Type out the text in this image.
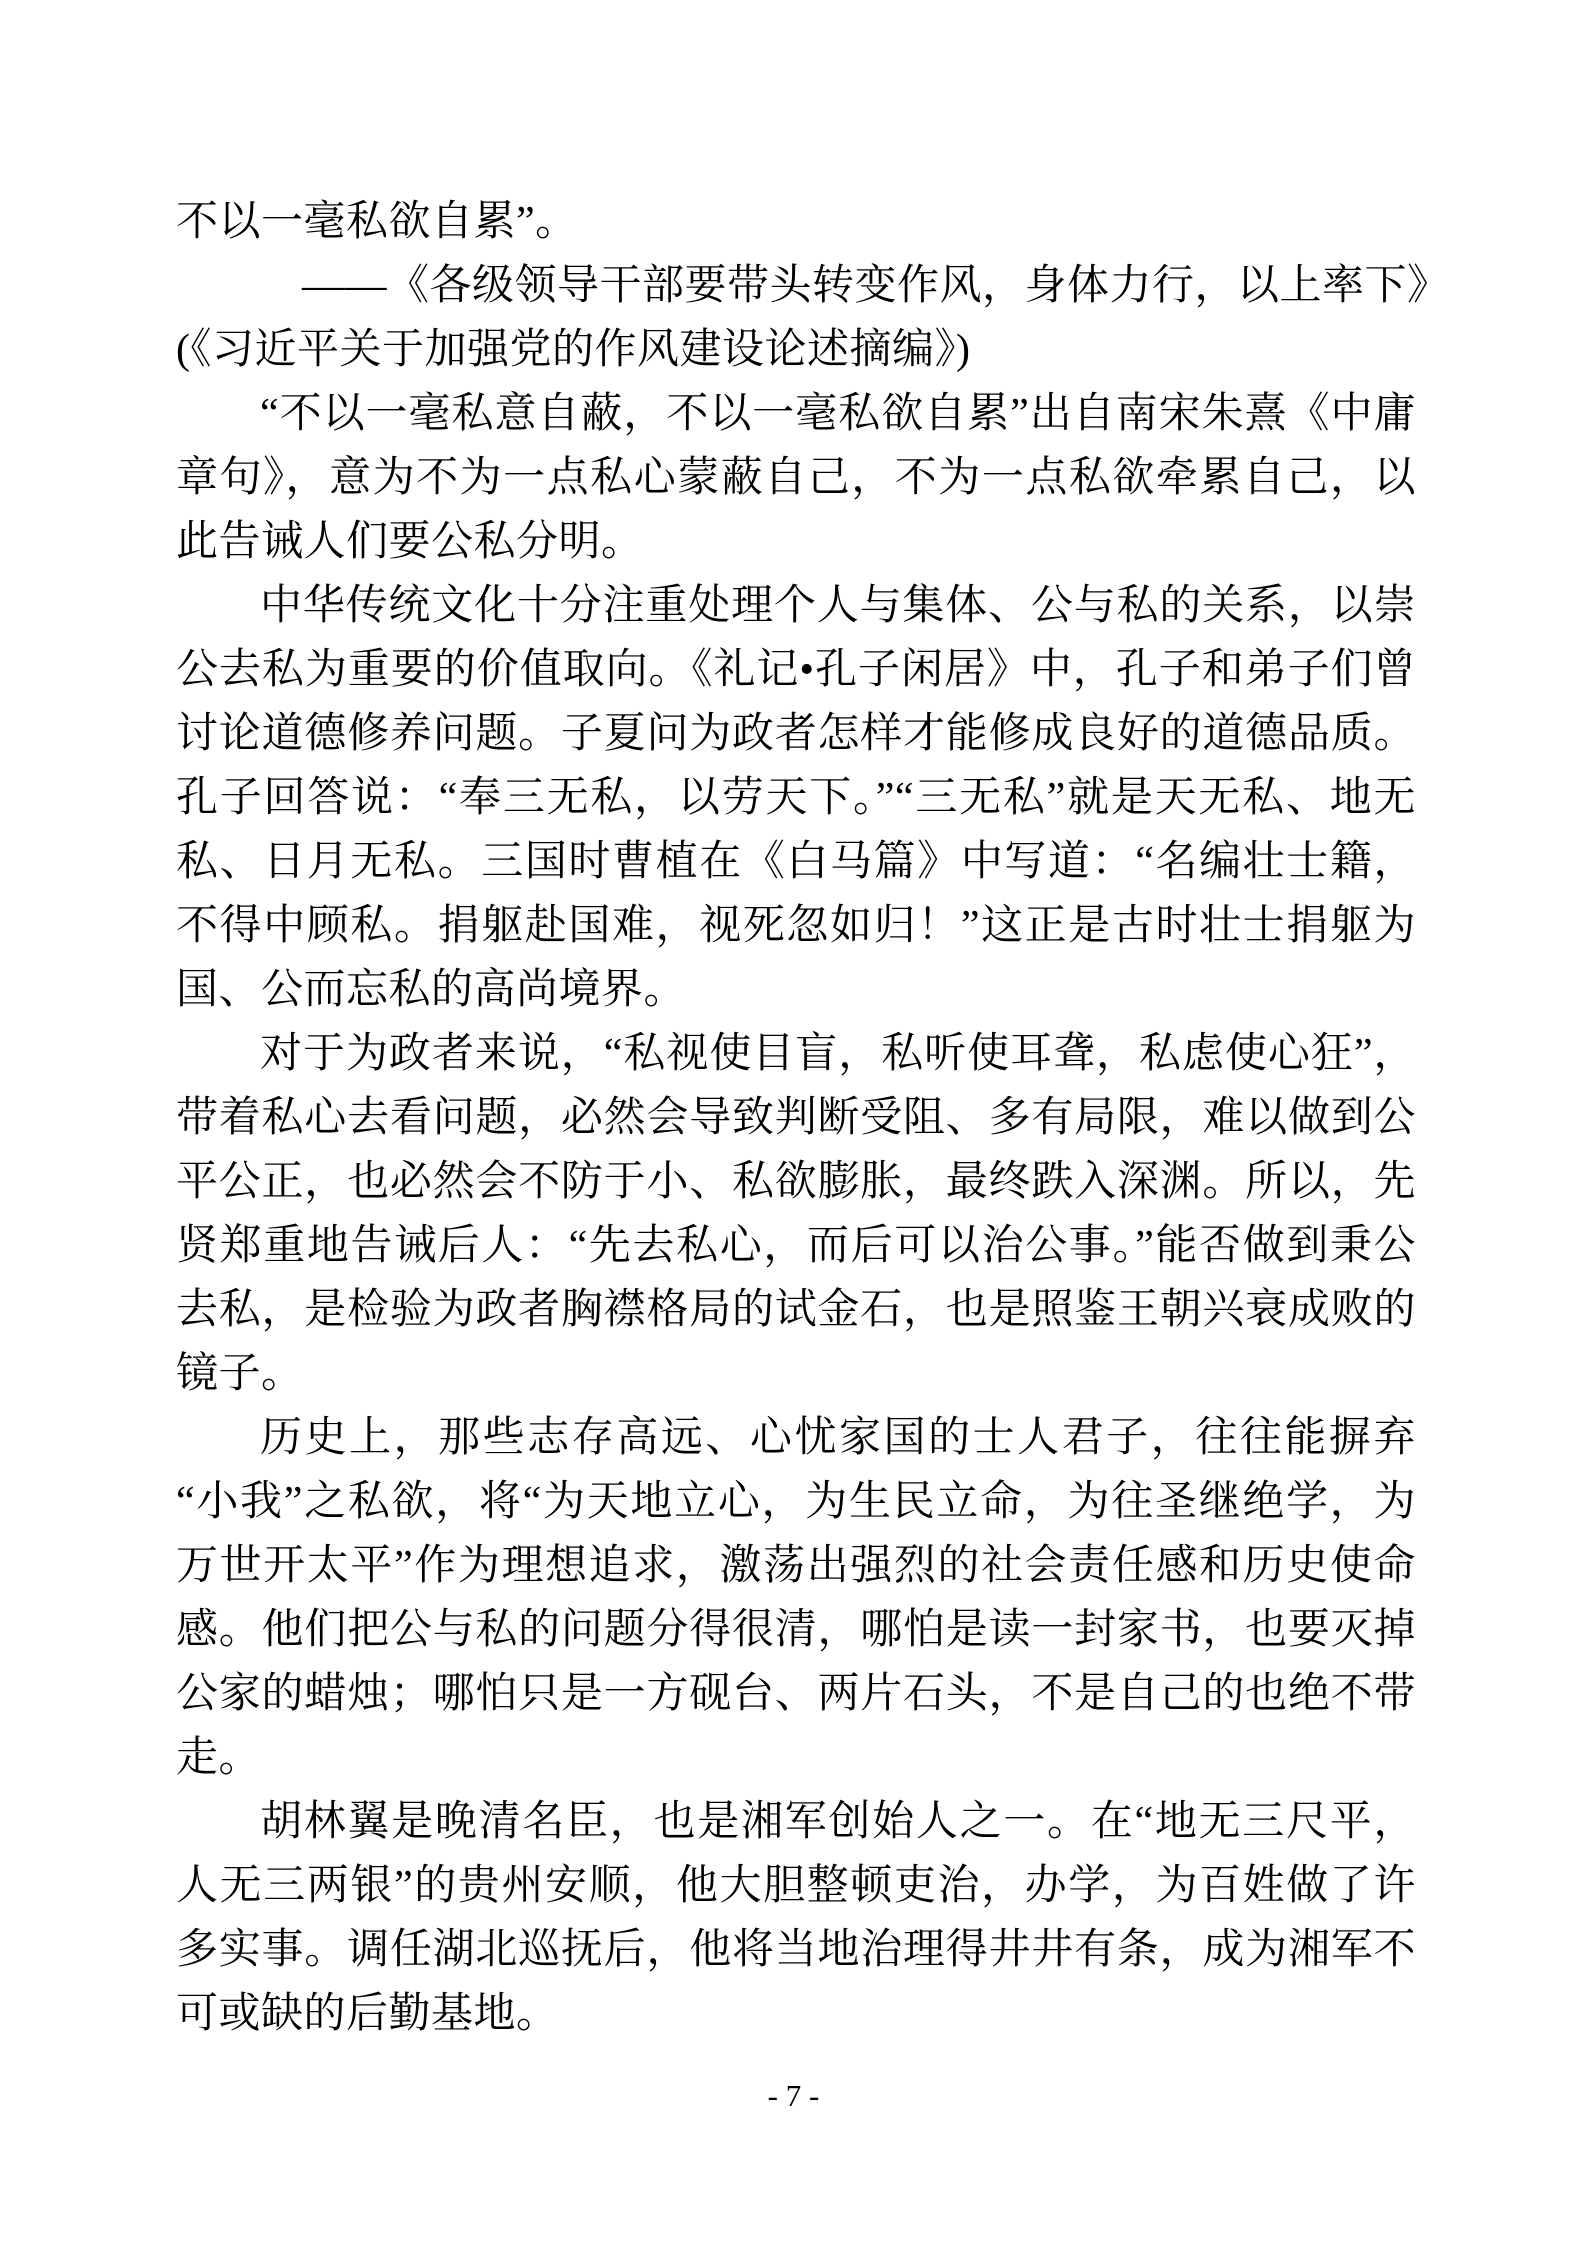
不以一毫私欲自累”。

——《各级领导干部要带头转变作风，身体力行，以上率下》

(《习近平关于加强党的作风建设论述摘编》)

“不以一毫私意自蔽，不以一毫私欲自累”出自南宋朱熹《中庸章句》，意为不为一点私心蒙蔽自己，不为一点私欲牵累自己，以此告诫人们要公私分明。

中华传统文化十分注重处理个人与集体、公与私的关系，以崇公去私为重要的价值取向。《礼记•孔子闲居》中，孔子和弟子们曾讨论道德修养问题。子夏问为政者怎样才能修成良好的道德品质。孔子回答说：“奉三无私，以劳天下。”“三无私”就是天无私、地无私、日月无私。三国时曹植在《白马篇》中写道：“名编壮士籍，不得中顾私。捐躯赴国难，视死忽如归！”这正是古时壮士捐躯为国、公而忘私的高尚境界。

对于为政者来说，“私视使目盲，私听使耳聋，私虑使心狂”，带着私心去看问题，必然会导致判断受阻、多有局限，难以做到公平公正，也必然会不防于小、私欲膨胀，最终跌入深渊。所以，先贤郑重地告诫后人：“先去私心，而后可以治公事。”能否做到秉公去私，是检验为政者胸襟格局的试金石，也是照鉴王朝兴衰成败的镜子。

历史上，那些志存高远、心忧家国的士人君子，往往能摒弃“小我”之私欲，将“为天地立心，为生民立命，为往圣继绝学，为万世开太平”作为理想追求，激荡出强烈的社会责任感和历史使命感。他们把公与私的问题分得很清，哪怕是读一封家书，也要灭掉公家的蜡烛；哪怕只是一方砚台、两片石头，不是自己的也绝不带走。

胡林翼是晚清名臣，也是湘军创始人之一。在“地无三尺平，人无三两银”的贵州安顺，他大胆整顿吏治，办学，为百姓做了许多实事。调任湖北巡抚后，他将当地治理得井井有条，成为湘军不可或缺的后勤基地。

- 7 -
